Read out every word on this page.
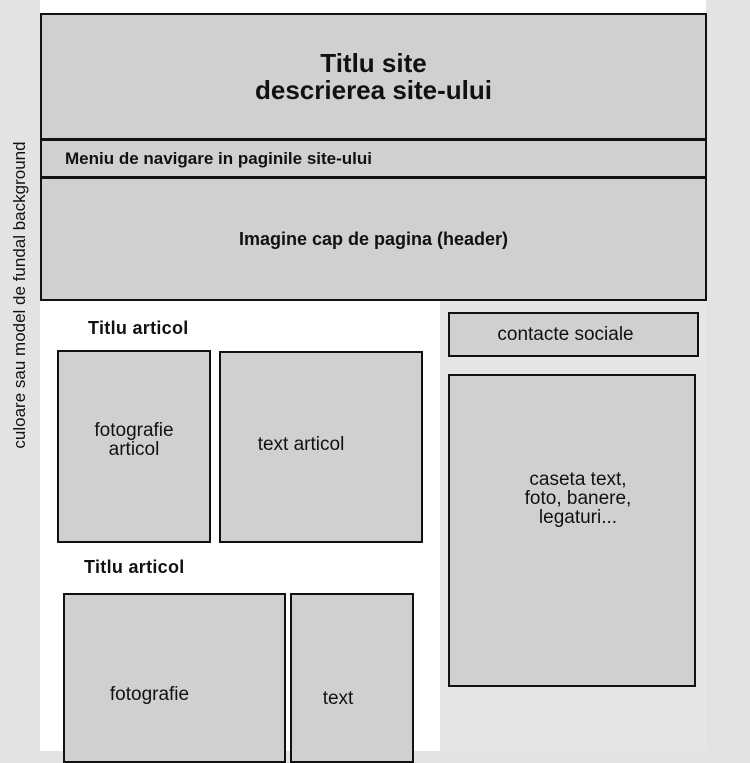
culoare sau model de fundal background
Titlu site
descrierea site-ului
Meniu de navigare in paginile site-ului
Imagine cap de pagina (header)
Titlu articol
fotografie
articol	text articol
Titlu articol
fotografie	text
contacte sociale
caseta text,
foto, banere,
legaturi...
